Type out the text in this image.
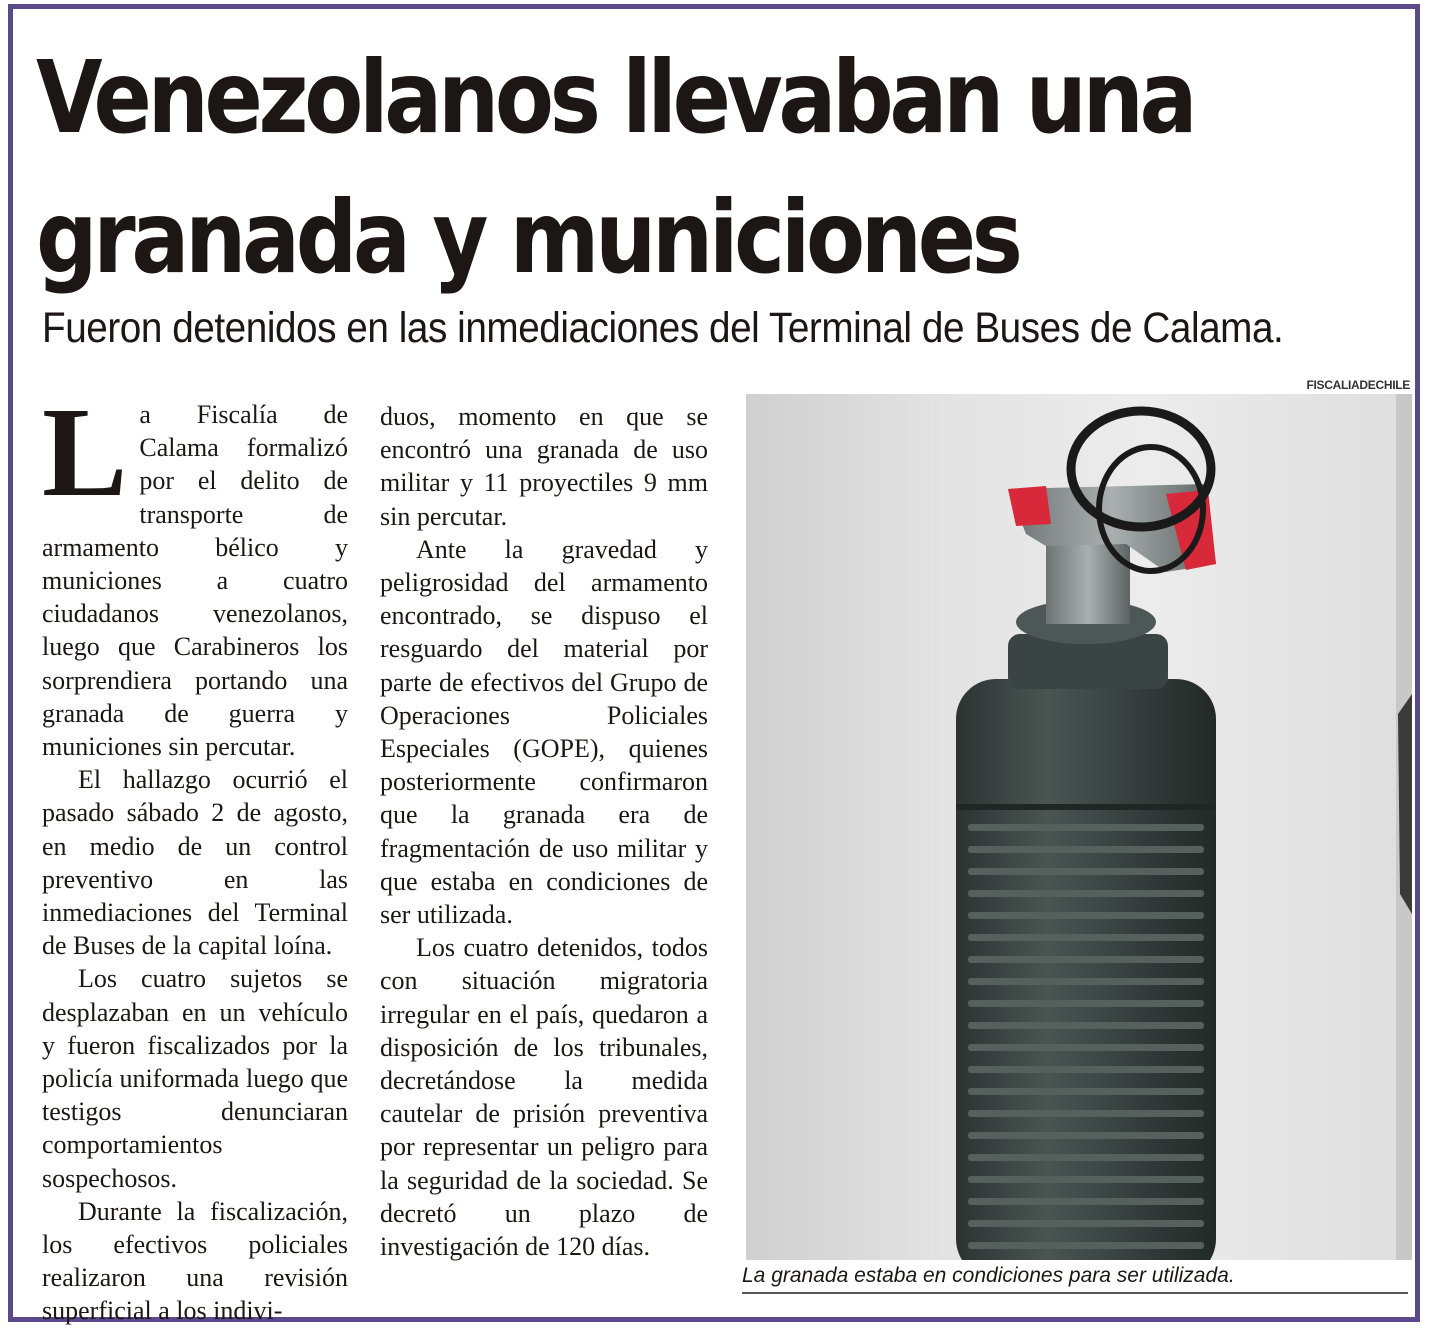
Venezolanos llevaban una
granada y municiones

Fueron detenidos en las inmediaciones del Terminal de Buses de Calama.

La Fiscalía de Calama formalizó por el delito de transporte de armamento bélico y municiones a cuatro ciudadanos venezolanos, luego que Carabineros los sorprendiera portando una granada de guerra y municiones sin percutar.

El hallazgo ocurrió el pasado sábado 2 de agosto, en medio de un control preventivo en las inmediaciones del Terminal de Buses de la capital loína.

Los cuatro sujetos se desplazaban en un vehículo y fueron fiscalizados por la policía uniformada luego que testigos denunciaran comportamientos sospechosos.

Durante la fiscalización, los efectivos policiales realizaron una revisión superficial a los indivi-

duos, momento en que se encontró una granada de uso militar y 11 proyectiles 9 mm sin percutar.

Ante la gravedad y peligrosidad del armamento encontrado, se dispuso el resguardo del material por parte de efectivos del Grupo de Operaciones Policiales Especiales (GOPE), quienes posteriormente confirmaron que la granada era de fragmentación de uso militar y que estaba en condiciones de ser utilizada.

Los cuatro detenidos, todos con situación migratoria irregular en el país, quedaron a disposición de los tribunales, decretándose la medida cautelar de prisión preventiva por representar un peligro para la seguridad de la sociedad. Se decretó un plazo de investigación de 120 días.

FISCALIADECHILE

La granada estaba en condiciones para ser utilizada.
